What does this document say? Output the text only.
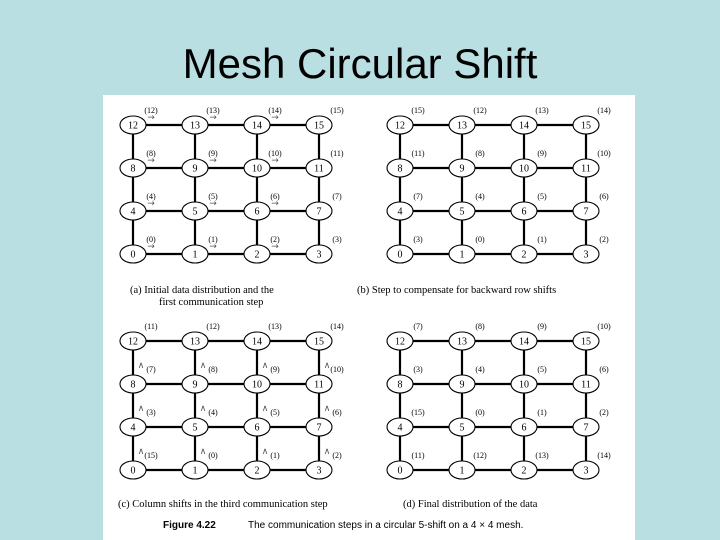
Mesh Circular Shift
12
(12)
13
(13)
14
(14)
15
(15)
8
(8)
9
(9)
10
(10)
11
(11)
4
(4)
5
(5)
6
(6)
7
(7)
0
(0)
1
(1)
2
(2)
3
(3)
(a) Initial data distribution and the
first communication step
12
(15)
13
(12)
14
(13)
15
(14)
8
(11)
9
(8)
10
(9)
11
(10)
4
(7)
5
(4)
6
(5)
7
(6)
0
(3)
1
(0)
2
(1)
3
(2)
(b) Step to compensate for backward row shifts
12
(11)
13
(12)
14
(13)
15
(14)
8
(7)
9
(8)
10
(9)
11
(10)
4
(3)
5
(4)
6
(5)
7
(6)
0
(15)
1
(0)
2
(1)
3
(2)
(c) Column shifts in the third communication step
12
(7)
13
(8)
14
(9)
15
(10)
8
(3)
9
(4)
10
(5)
11
(6)
4
(15)
5
(0)
6
(1)
7
(2)
0
(11)
1
(12)
2
(13)
3
(14)
(d) Final distribution of the data
→	→	→
→	→	→
→	→	→
→	→	→
∧	∧	∧	∧
∧	∧	∧	∧
∧	∧	∧	∧
Figure 4.22	The communication steps in a circular 5-shift on a 4 × 4 mesh.
